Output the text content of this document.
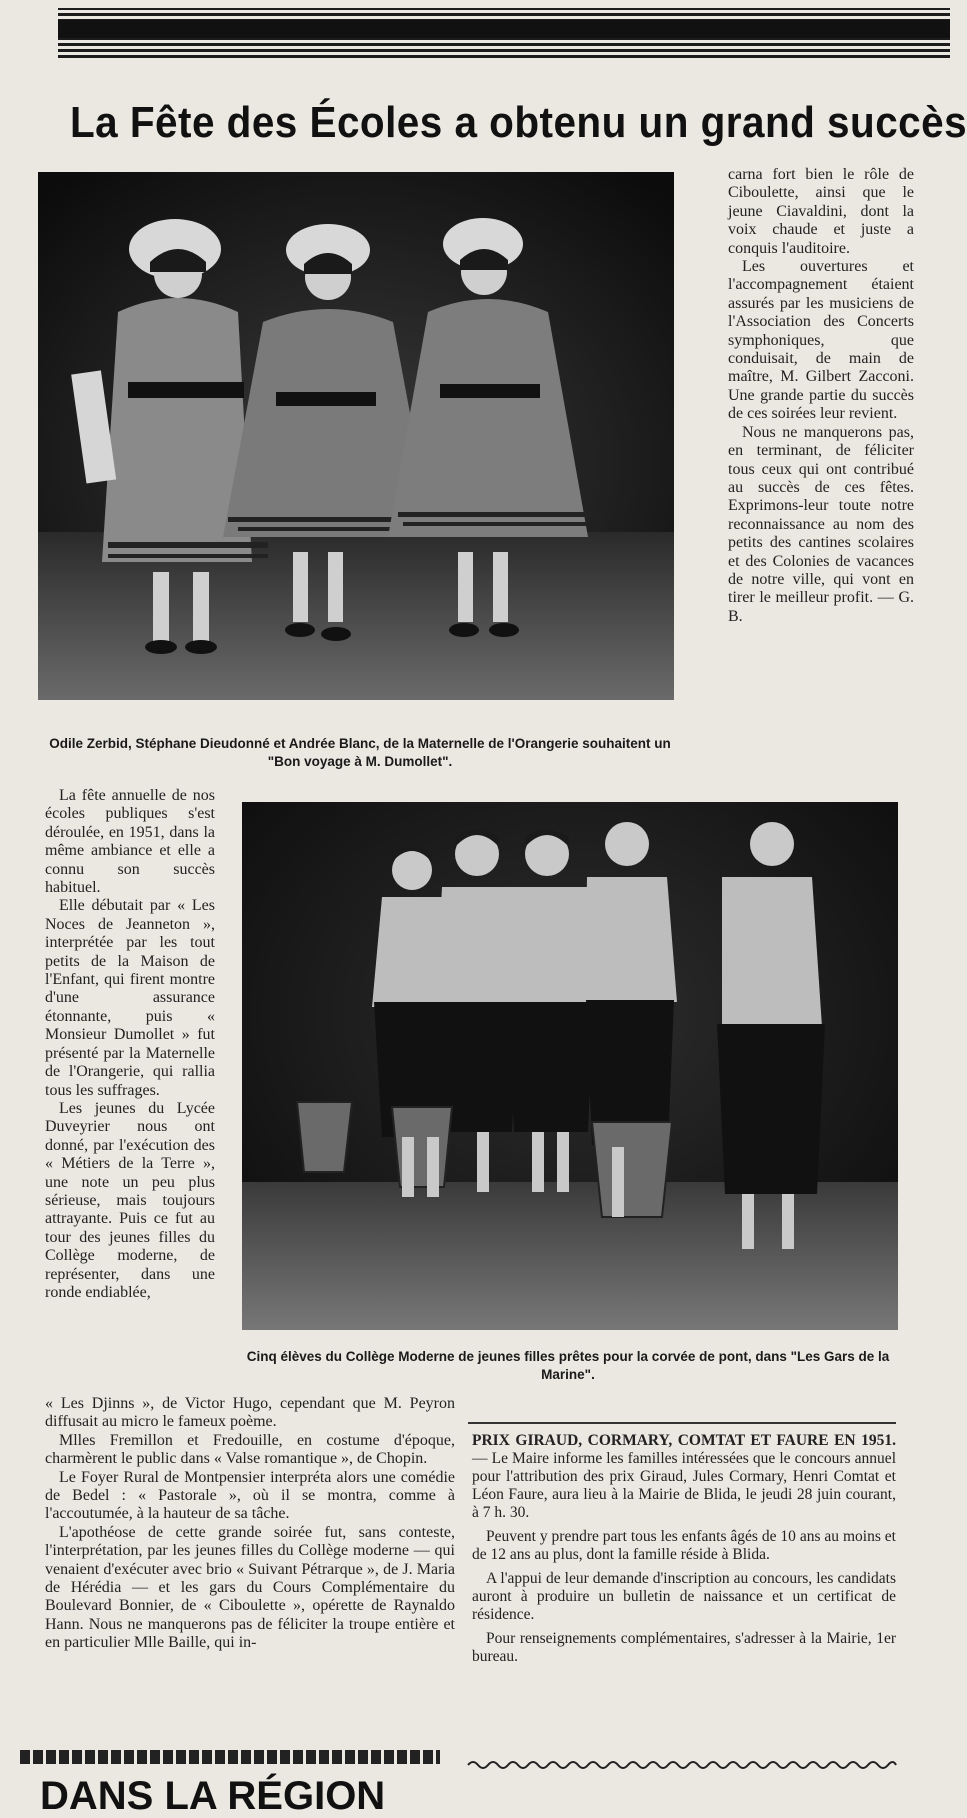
La Fête des Écoles a obtenu un grand succès
Odile Zerbid, Stéphane Dieudonné et Andrée Blanc, de la Maternelle de l'Orangerie souhaitent un "Bon voyage à M. Dumollet".

carna fort bien le rôle de Ciboulette, ainsi que le jeune Ciavaldini, dont la voix chaude et juste a conquis l'auditoire.

Les ouvertures et l'accompagnement étaient assurés par les musiciens de l'Association des Concerts symphoniques, que conduisait, de main de maître, M. Gilbert Zacconi. Une grande partie du succès de ces soirées leur revient.

Nous ne manquerons pas, en terminant, de féliciter tous ceux qui ont contribué au succès de ces fêtes. Exprimons-leur toute notre reconnaissance au nom des petits des cantines scolaires et des Colonies de vacances de notre ville, qui vont en tirer le meilleur profit. — G. B.

La fête annuelle de nos écoles publiques s'est déroulée, en 1951, dans la même ambiance et elle a connu son succès habituel.

Elle débutait par « Les Noces de Jeanneton », interprétée par les tout petits de la Maison de l'Enfant, qui firent montre d'une assurance étonnante, puis « Monsieur Dumollet » fut présenté par la Maternelle de l'Orangerie, qui rallia tous les suffrages.

Les jeunes du Lycée Duveyrier nous ont donné, par l'exécution des « Métiers de la Terre », une note un peu plus sérieuse, mais toujours attrayante. Puis ce fut au tour des jeunes filles du Collège moderne, de représenter, dans une ronde endiablée,

Cinq élèves du Collège Moderne de jeunes filles prêtes pour la corvée de pont, dans "Les Gars de la Marine".

« Les Djinns », de Victor Hugo, cependant que M. Peyron diffusait au micro le fameux poème.

Mlles Fremillon et Fredouille, en costume d'époque, charmèrent le public dans « Valse romantique », de Chopin.

Le Foyer Rural de Montpensier interpréta alors une comédie de Bedel : « Pastorale », où il se montra, comme à l'accoutumée, à la hauteur de sa tâche.

L'apothéose de cette grande soirée fut, sans conteste, l'interprétation, par les jeunes filles du Collège moderne — qui venaient d'exécuter avec brio « Suivant Pétrarque », de J. Maria de Hérédia — et les gars du Cours Complémentaire du Boulevard Bonnier, de « Ciboulette », opérette de Raynaldo Hann. Nous ne manquerons pas de féliciter la troupe entière et en particulier Mlle Baille, qui in-

PRIX GIRAUD, CORMARY, COMTAT ET FAURE EN 1951. — Le Maire informe les familles intéressées que le concours annuel pour l'attribution des prix Giraud, Jules Cormary, Henri Comtat et Léon Faure, aura lieu à la Mairie de Blida, le jeudi 28 juin courant, à 7 h. 30.

Peuvent y prendre part tous les enfants âgés de 10 ans au moins et de 12 ans au plus, dont la famille réside à Blida.

A l'appui de leur demande d'inscription au concours, les candidats auront à produire un bulletin de naissance et un certificat de résidence.

Pour renseignements complémentaires, s'adresser à la Mairie, 1er bureau.

DANS LA RÉGION
